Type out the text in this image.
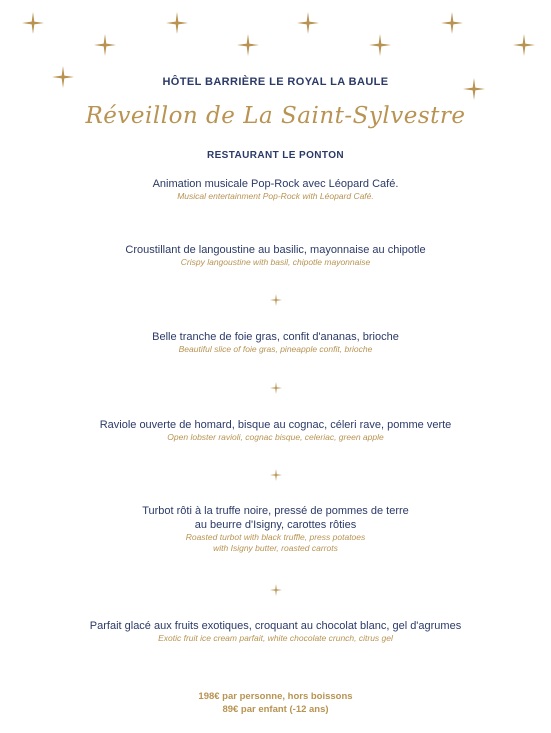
HÔTEL BARRIÈRE LE ROYAL LA BAULE
Réveillon de La Saint-Sylvestre
RESTAURANT LE PONTON
Animation musicale Pop-Rock avec Léopard Café.
Musical entertainment Pop-Rock with Léopard Café.
Croustillant de langoustine au basilic, mayonnaise au chipotle
Crispy langoustine with basil, chipotle mayonnaise
Belle tranche de foie gras, confit d'ananas, brioche
Beautiful slice of foie gras, pineapple confit, brioche
Raviole ouverte de homard, bisque au cognac, céleri rave, pomme verte
Open lobster ravioli, cognac bisque, celeriac, green apple
Turbot rôti à la truffe noire, pressé de pommes de terre
au beurre d'Isigny, carottes rôties
Roasted turbot with black truffle, press potatoes
with Isigny butter, roasted carrots
Parfait glacé aux fruits exotiques, croquant au chocolat blanc, gel d'agrumes
Exotic fruit ice cream parfait, white chocolate crunch, citrus gel
198€ par personne, hors boissons
89€ par enfant (-12 ans)
